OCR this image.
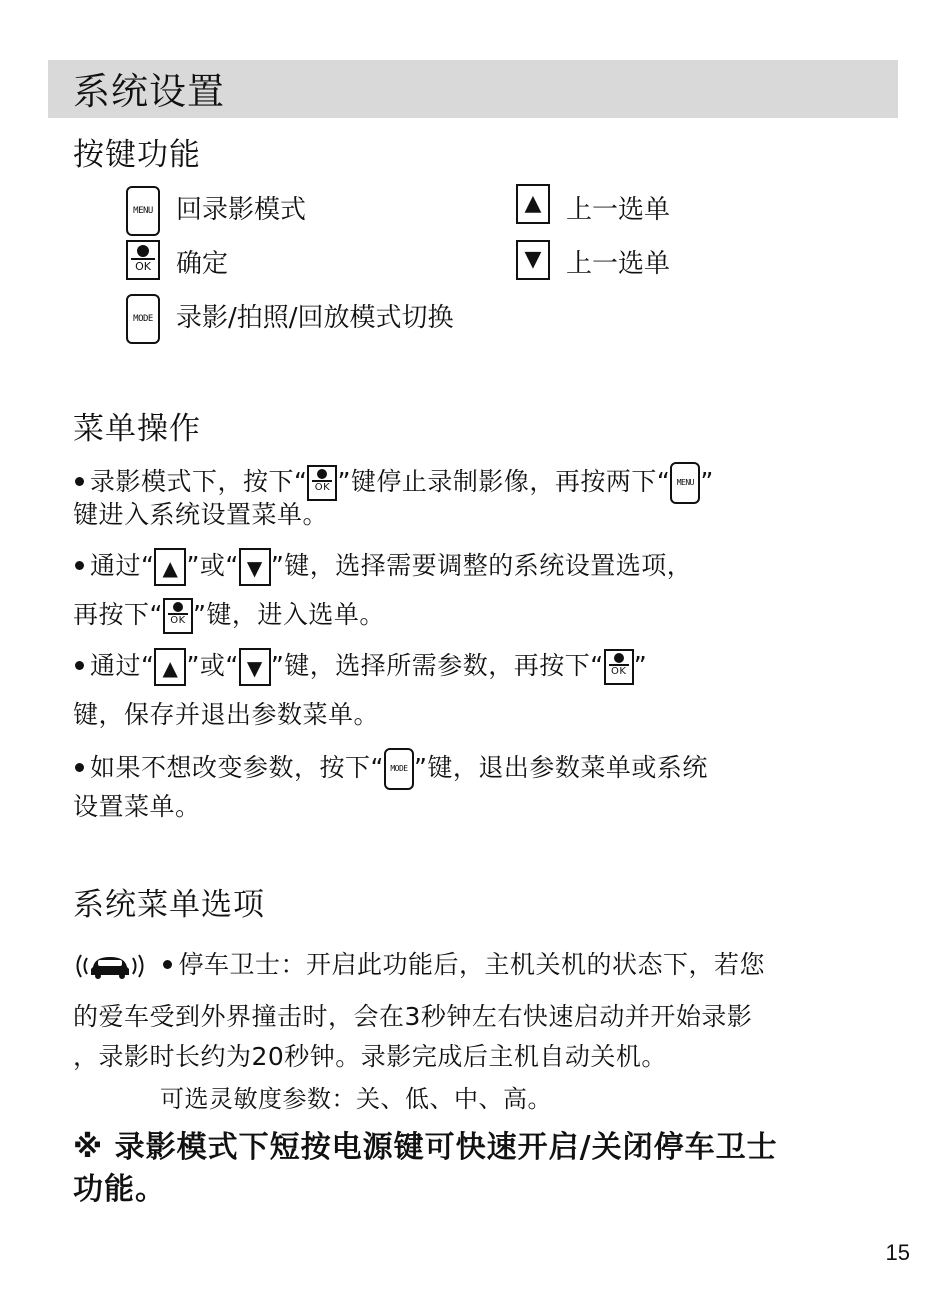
系统设置
按键功能
MENU 回录影模式	▲ 上一选单
OK 确定	▼ 上一选单
MODE 录影/拍照/回放模式切换
菜单操作
录影模式下，按下“ OK ”键停止录制影像，再按两下“ MENU ”
键进入系统设置菜单。
通过“ ▲ ”或“ ▼ ”键，选择需要调整的系统设置选项，
再按下“ OK ”键，进入选单。
通过“ ▲ ”或“ ▼ ”键，选择所需参数，再按下“ OK ”
键，保存并退出参数菜单。
如果不想改变参数，按下“ MODE ”键，退出参数菜单或系统
设置菜单。
系统菜单选项
停车卫士：开启此功能后，主机关机的状态下，若您
的爱车受到外界撞击时，会在3秒钟左右快速启动并开始录影
，录影时长约为20秒钟。录影完成后主机自动关机。
可选灵敏度参数：关、低、中、高。
※ 录影模式下短按电源键可快速开启/关闭停车卫士
功能。
15
